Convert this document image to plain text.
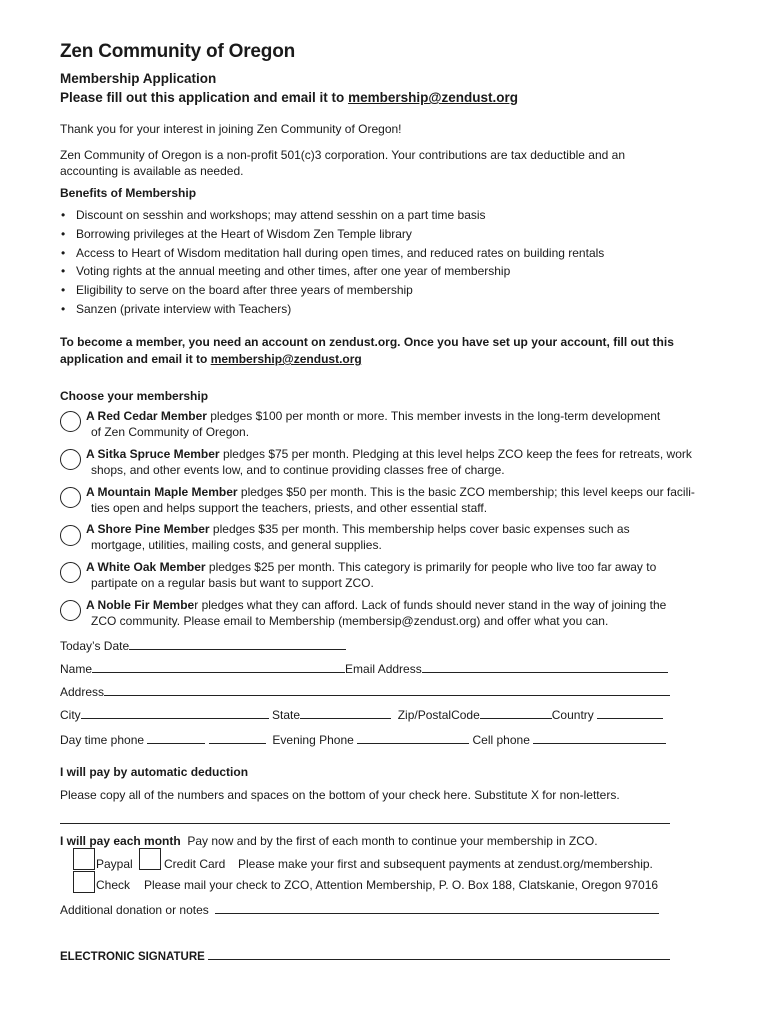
Zen Community of Oregon
Membership Application
Please fill out this application and email it to membership@zendust.org
Thank you for your interest in joining Zen Community of Oregon!
Zen Community of Oregon is a non-profit 501(c)3 corporation. Your contributions are tax deductible and an
accounting is available as needed.
Benefits of Membership
• Discount on sesshin and workshops; may attend sesshin on a part time basis
• Borrowing privileges at the Heart of Wisdom Zen Temple library
• Access to Heart of Wisdom meditation hall during open times, and reduced rates on building rentals
• Voting rights at the annual meeting and other times, after one year of membership
• Eligibility to serve on the board after three years of membership
• Sanzen (private interview with Teachers)
To become a member, you need an account on zendust.org. Once you have set up your account, fill out this
application and email it to membership@zendust.org
Choose your membership
A Red Cedar Member pledges $100 per month or more. This member invests in the long-term development
of Zen Community of Oregon.
A Sitka Spruce Member pledges $75 per month. Pledging at this level helps ZCO keep the fees for retreats, work
shops, and other events low, and to continue providing classes free of charge.
A Mountain Maple Member pledges $50 per month. This is the basic ZCO membership; this level keeps our facili-
ties open and helps support the teachers, priests, and other essential staff.
A Shore Pine Member pledges $35 per month. This membership helps cover basic expenses such as
mortgage, utilities, mailing costs, and general supplies.
A White Oak Member pledges $25 per month. This category is primarily for people who live too far away to
partipate on a regular basis but want to support ZCO.
A Noble Fir Member pledges what they can afford. Lack of funds should never stand in the way of joining the
ZCO community. Please email to Membership (membersip@zendust.org) and offer what you can.
Today’s Date
Name	Email Address
Address
City	State	Zip/PostalCode	Country
Day time phone	Evening Phone	Cell phone
I will pay by automatic deduction
Please copy all of the numbers and spaces on the bottom of your check here. Substitute X for non-letters.
I will pay each month Pay now and by the first of each month to continue your membership in ZCO.
Paypal	Credit Card Please make your first and subsequent payments at zendust.org/membership.
Check Please mail your check to ZCO, Attention Membership, P. O. Box 188, Clatskanie, Oregon 97016
Additional donation or notes
ELECTRONIC SIGNATURE
